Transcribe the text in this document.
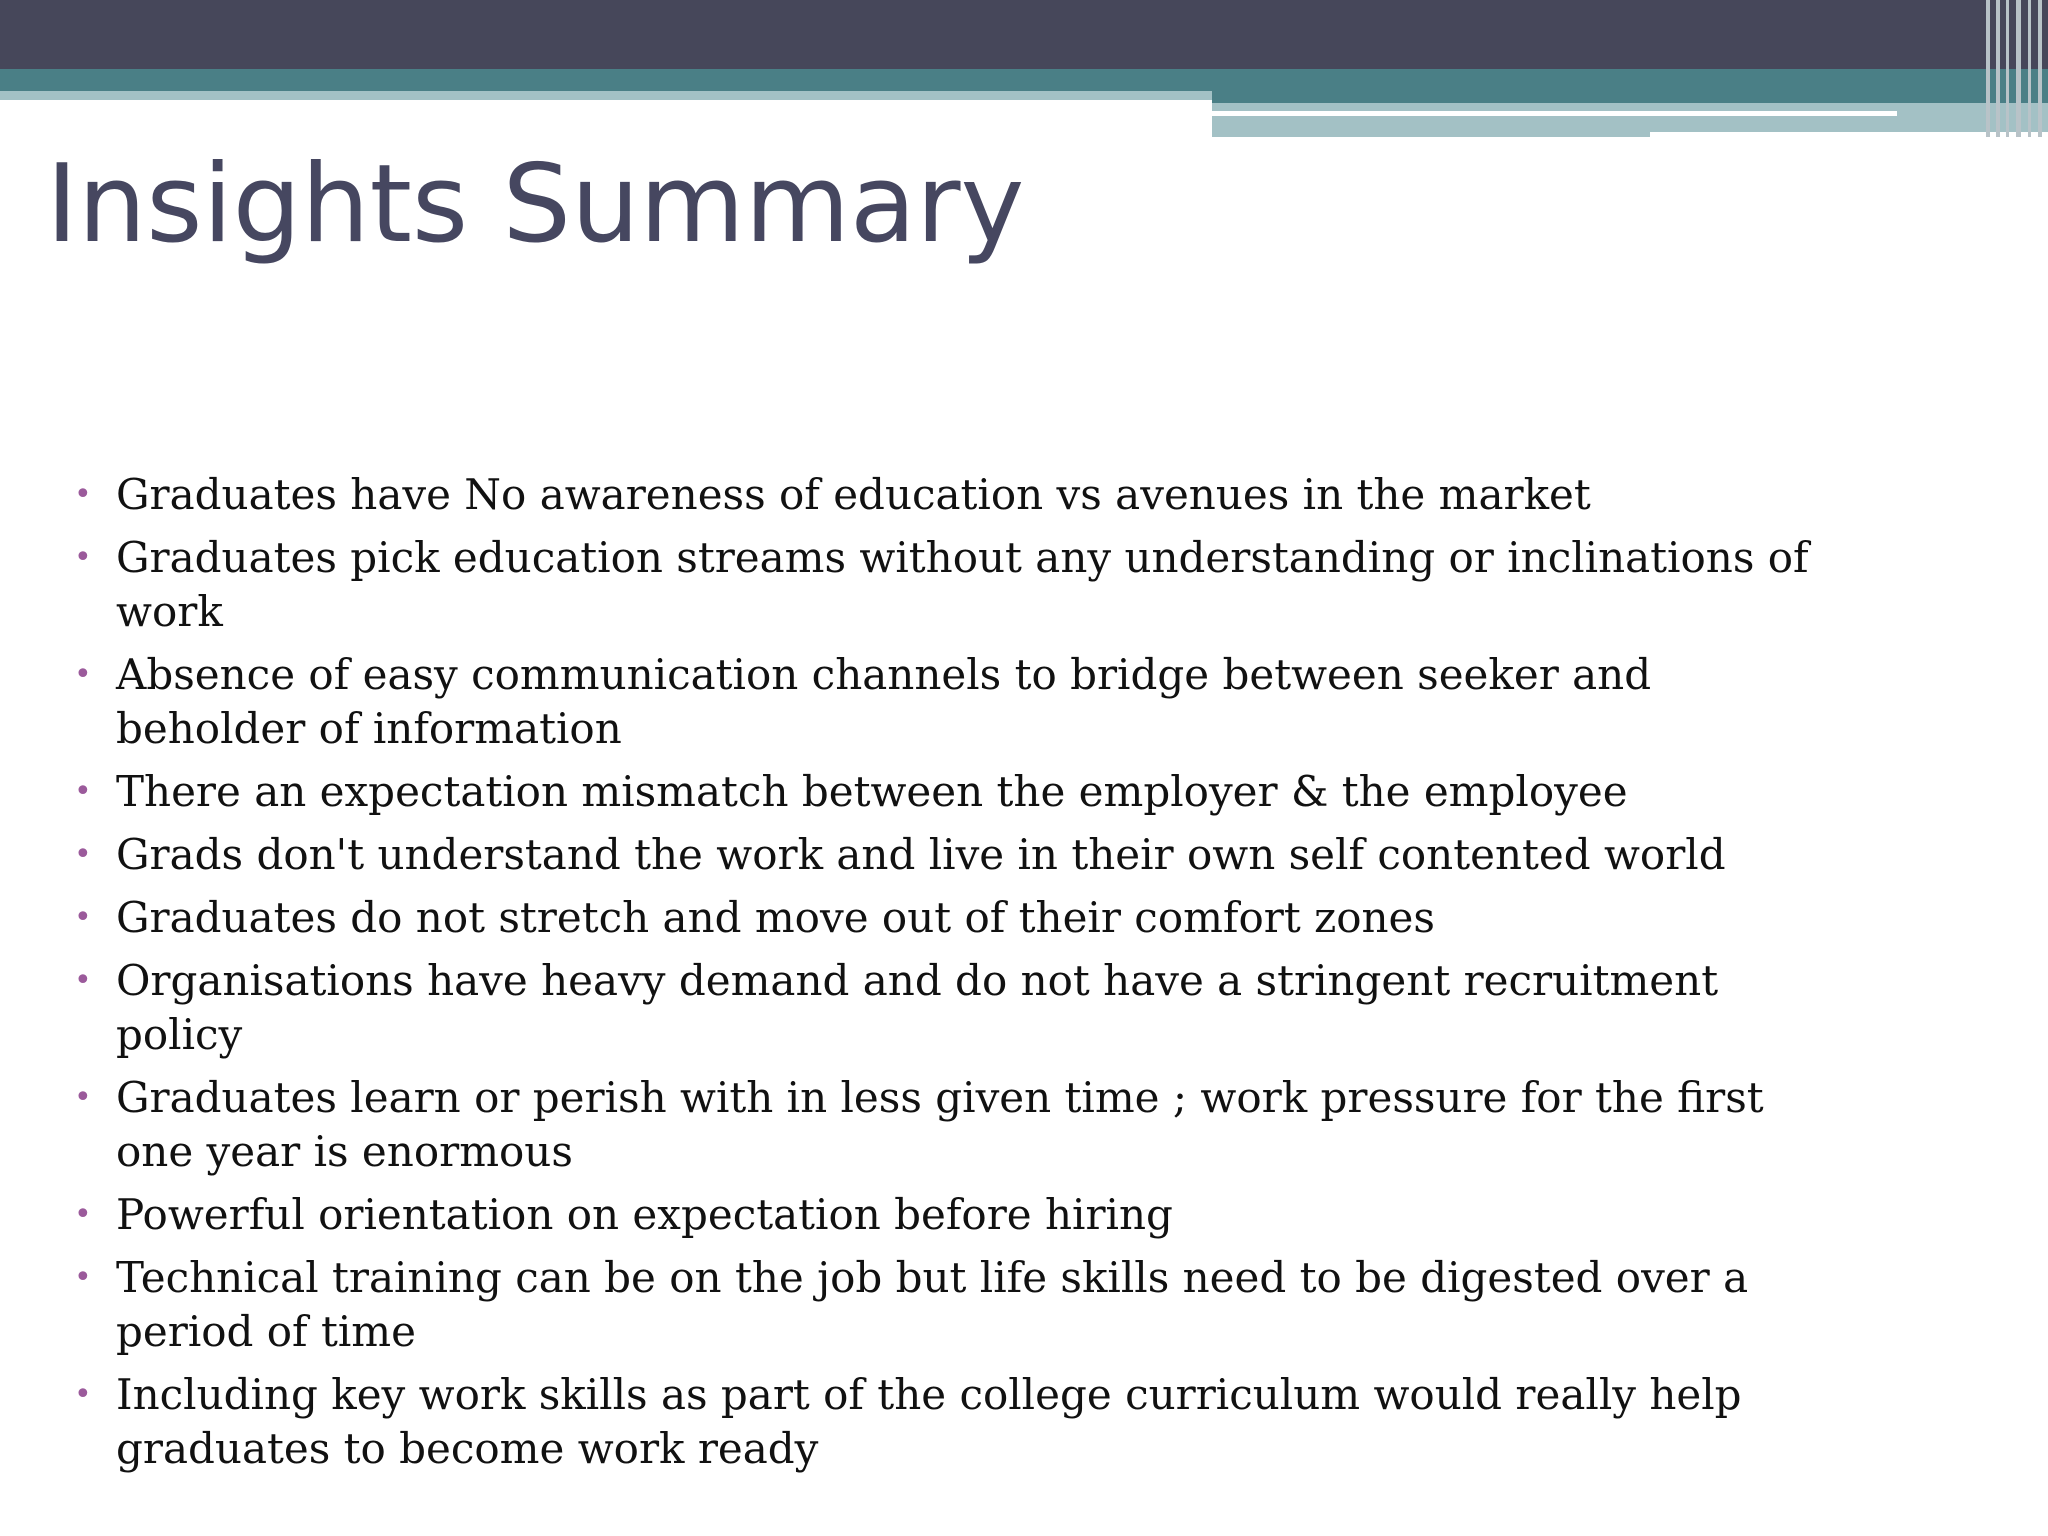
Insights Summary
• Graduates have No awareness of education vs avenues in the market
• Graduates pick education streams without any understanding or inclinations of work
• Absence of easy communication channels to bridge between seeker and beholder of information
• There an expectation mismatch between the employer & the employee
• Grads don't understand the work and live in their own self contented world
• Graduates do not stretch and move out of their comfort zones
• Organisations have heavy demand and do not have a stringent recruitment policy
• Graduates learn or perish with in less given time ; work pressure for the first one year is enormous
• Powerful orientation on expectation before hiring
• Technical training can be on the job but life skills need to be digested over a period of time
• Including key work skills as part of the college curriculum would really help graduates to become work ready
